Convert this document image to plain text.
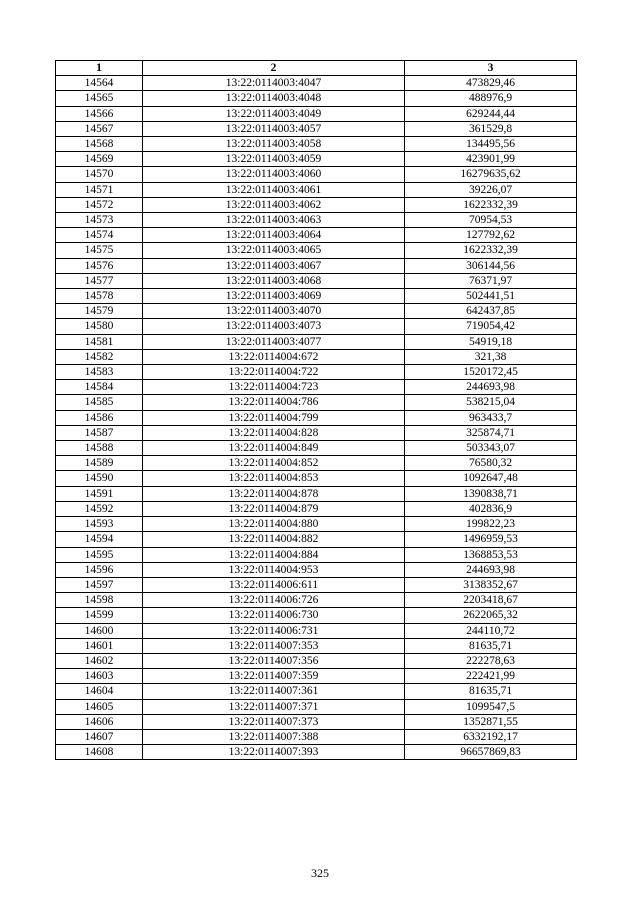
1	2	3
14564	13:22:0114003:4047	473829,46
14565	13:22:0114003:4048	488976,9
14566	13:22:0114003:4049	629244,44
14567	13:22:0114003:4057	361529,8
14568	13:22:0114003:4058	134495,56
14569	13:22:0114003:4059	423901,99
14570	13:22:0114003:4060	16279635,62
14571	13:22:0114003:4061	39226,07
14572	13:22:0114003:4062	1622332,39
14573	13:22:0114003:4063	70954,53
14574	13:22:0114003:4064	127792,62
14575	13:22:0114003:4065	1622332,39
14576	13:22:0114003:4067	306144,56
14577	13:22:0114003:4068	76371,97
14578	13:22:0114003:4069	502441,51
14579	13:22:0114003:4070	642437,85
14580	13:22:0114003:4073	719054,42
14581	13:22:0114003:4077	54919,18
14582	13:22:0114004:672	321,38
14583	13:22:0114004:722	1520172,45
14584	13:22:0114004:723	244693,98
14585	13:22:0114004:786	538215,04
14586	13:22:0114004:799	963433,7
14587	13:22:0114004:828	325874,71
14588	13:22:0114004:849	503343,07
14589	13:22:0114004:852	76580,32
14590	13:22:0114004:853	1092647,48
14591	13:22:0114004:878	1390838,71
14592	13:22:0114004:879	402836,9
14593	13:22:0114004:880	199822,23
14594	13:22:0114004:882	1496959,53
14595	13:22:0114004:884	1368853,53
14596	13:22:0114004:953	244693,98
14597	13:22:0114006:611	3138352,67
14598	13:22:0114006:726	2203418,67
14599	13:22:0114006:730	2622065,32
14600	13:22:0114006:731	244110,72
14601	13:22:0114007:353	81635,71
14602	13:22:0114007:356	222278,63
14603	13:22:0114007:359	222421,99
14604	13:22:0114007:361	81635,71
14605	13:22:0114007:371	1099547,5
14606	13:22:0114007:373	1352871,55
14607	13:22:0114007:388	6332192,17
14608	13:22:0114007:393	96657869,83
325
